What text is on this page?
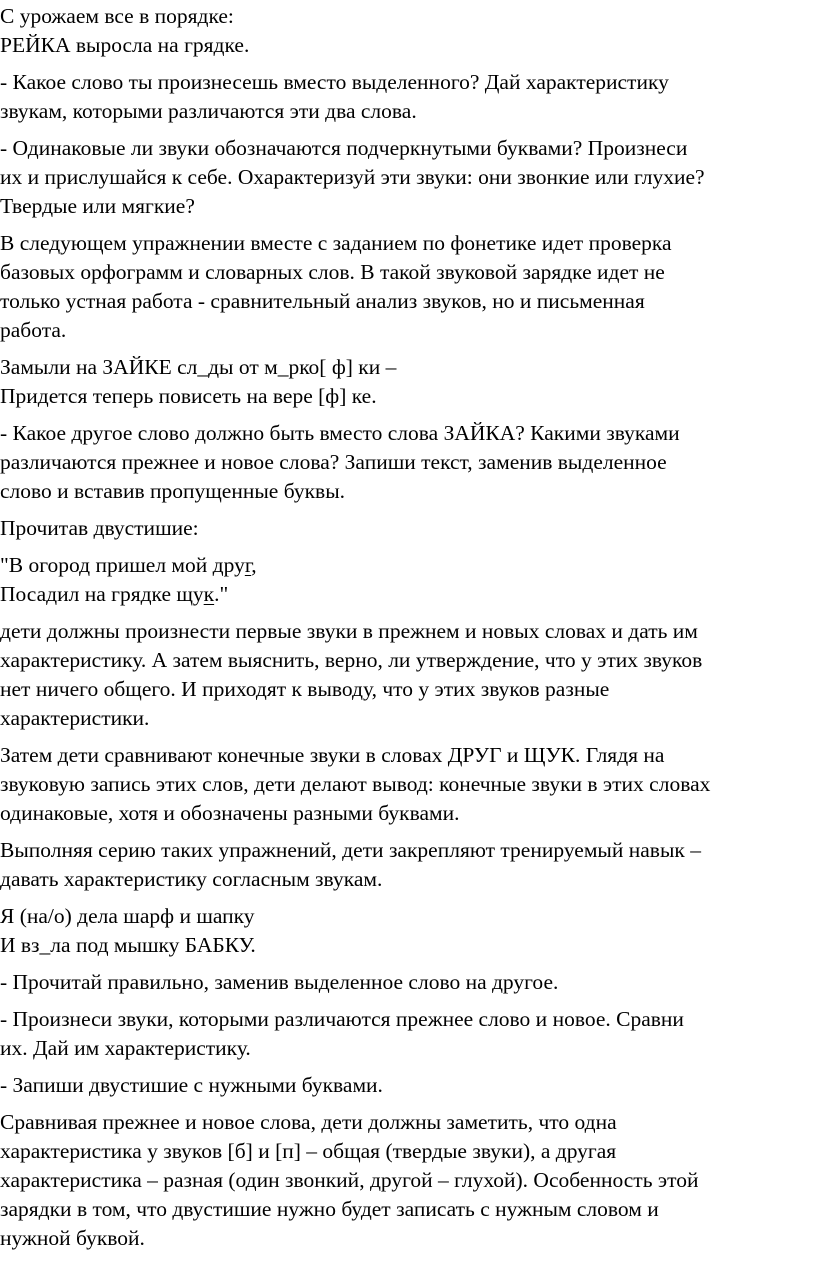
С урожаем все в порядке:
РЕЙКА выросла на грядке.

- Какое слово ты произнесешь вместо выделенного? Дай характеристику
звукам, которыми различаются эти два слова.

- Одинаковые ли звуки обозначаются подчеркнутыми буквами? Произнеси
их и прислушайся к себе. Охарактеризуй эти звуки: они звонкие или глухие?
Твердые или мягкие?

В следующем упражнении вместе с заданием по фонетике идет проверка
базовых орфограмм и словарных слов. В такой звуковой зарядке идет не
только устная работа - сравнительный анализ звуков, но и письменная
работа.

Замыли на ЗАЙКЕ сл_ды от м_рко[ ф] ки –
Придется теперь повисеть на вере [ф] ке.

- Какое другое слово должно быть вместо слова ЗАЙКА? Какими звуками
различаются прежнее и новое слова? Запиши текст, заменив выделенное
слово и вставив пропущенные буквы.

Прочитав двустишие:

"В огород пришел мой друг,
Посадил на грядке щук."

дети должны произнести первые звуки в прежнем и новых словах и дать им
характеристику. А затем выяснить, верно, ли утверждение, что у этих звуков
нет ничего общего. И приходят к выводу, что у этих звуков разные
характеристики.

Затем дети сравнивают конечные звуки в словах ДРУГ и ЩУК. Глядя на
звуковую запись этих слов, дети делают вывод: конечные звуки в этих словах
одинаковые, хотя и обозначены разными буквами.

Выполняя серию таких упражнений, дети закрепляют тренируемый навык –
давать характеристику согласным звукам.

Я (на/о) дела шарф и шапку
И вз_ла под мышку БАБКУ.

- Прочитай правильно, заменив выделенное слово на другое.

- Произнеси звуки, которыми различаются прежнее слово и новое. Сравни
их. Дай им характеристику.

- Запиши двустишие с нужными буквами.

Сравнивая прежнее и новое слова, дети должны заметить, что одна
характеристика у звуков [б] и [п] – общая (твердые звуки), а другая
характеристика – разная (один звонкий, другой – глухой). Особенность этой
зарядки в том, что двустишие нужно будет записать с нужным словом и
нужной буквой.
